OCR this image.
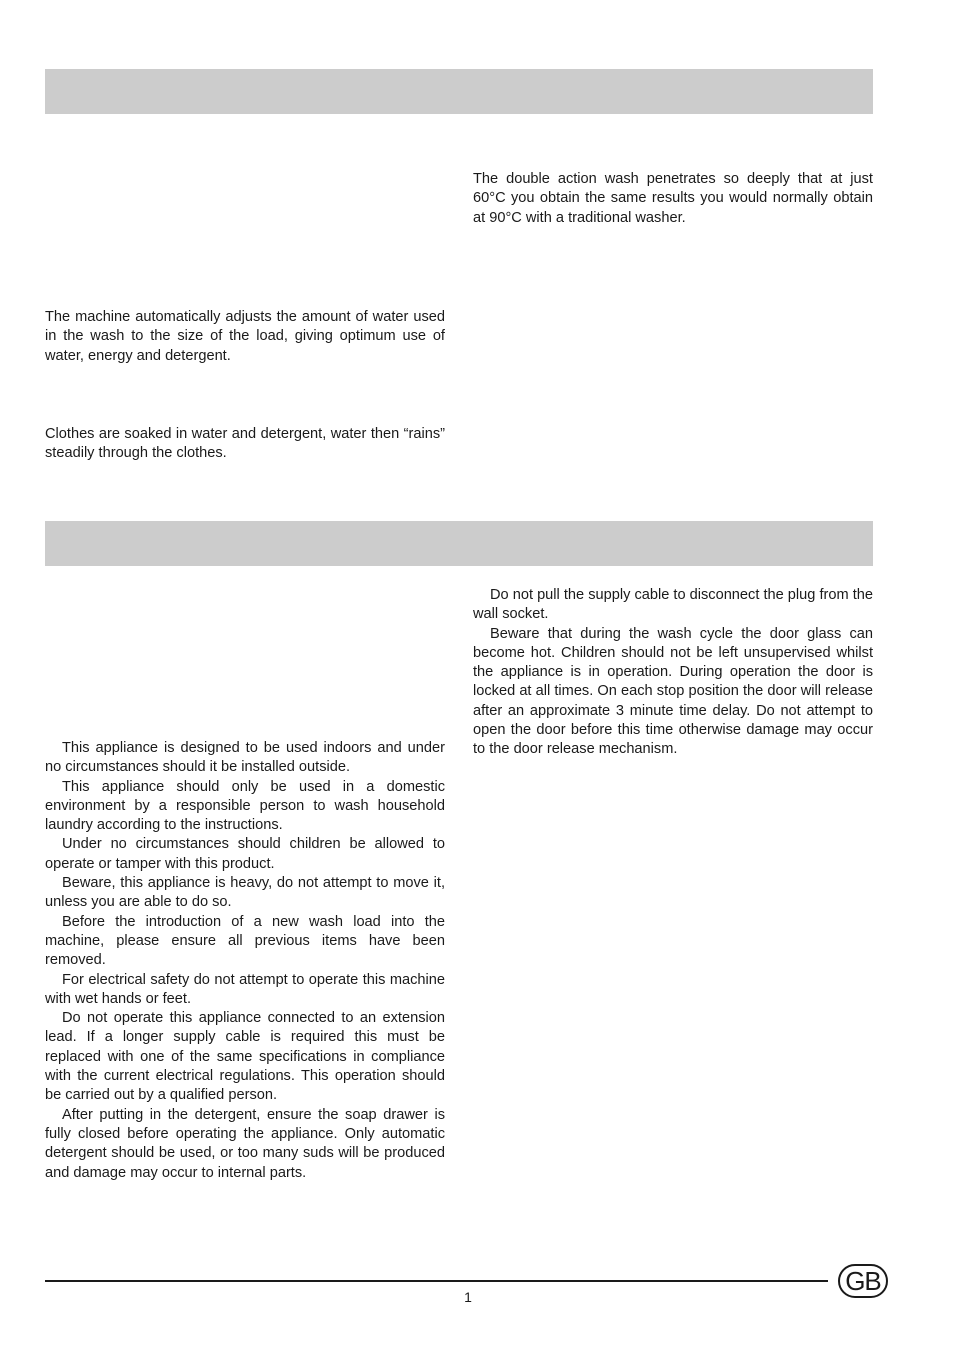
The double action wash penetrates so deeply that at just 60°C you obtain the same results you would normally obtain at 90°C with a traditional washer.

The machine automatically adjusts the amount of water used in the wash to the size of the load, giving optimum use of water, energy and detergent.

Clothes are soaked in water and detergent, water then “rains” steadily through the clothes.

This appliance is designed to be used indoors and under no circumstances should it be installed outside.

This appliance should only be used in a domestic environment by a responsible person to wash household laundry according to the instructions.

Under no circumstances should children be allowed to operate or tamper with this product.

Beware, this appliance is heavy, do not attempt to move it, unless you are able to do so.

Before the introduction of a new wash load into the machine, please ensure all previous items have been removed.

For electrical safety do not attempt to operate this machine with wet hands or feet.

Do not operate this appliance connected to an extension lead. If a longer supply cable is required this must be replaced with one of the same specifications in compliance with the current electrical regulations. This operation should be carried out by a qualified person.

After putting in the detergent, ensure the soap drawer is fully closed before operating the appliance. Only automatic detergent should be used, or too many suds will be produced and damage may occur to internal parts.

Do not pull the supply cable to disconnect the plug from the wall socket.

Beware that during the wash cycle the door glass can become hot. Children should not be left unsupervised whilst the appliance is in operation. During operation the door is locked at all times. On each stop position the door will release after an approximate 3 minute time delay. Do not attempt to open the door before this time otherwise damage may occur to the door release mechanism.

1
GB
